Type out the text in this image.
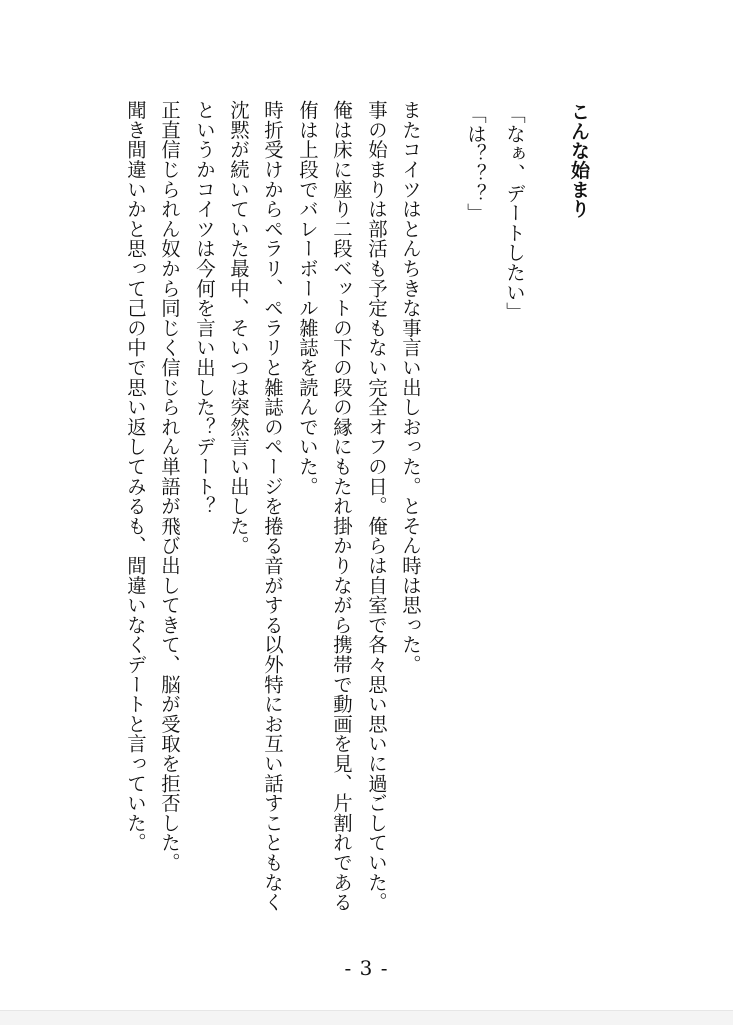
こんな始まり
「なぁ、デートしたい」
「は？？？」
またコイツはとんちきな事言い出しおった。とそん時は思った。
事の始まりは部活も予定もない完全オフの日。俺らは自室で各々思い思いに過ごしていた。
俺は床に座り二段ベットの下の段の縁にもたれ掛かりながら携帯で動画を見、片割れである
侑は上段でバレーボール雑誌を読んでいた。
時折受けからペラリ、ペラリと雑誌のページを捲る音がする以外特にお互い話すこともなく
沈黙が続いていた最中、そいつは突然言い出した。
というかコイツは今何を言い出した？デート？
正直信じられん奴から同じく信じられん単語が飛び出してきて、脳が受取を拒否した。
聞き間違いかと思って己の中で思い返してみるも、間違いなくデートと言っていた。
- 3 -
